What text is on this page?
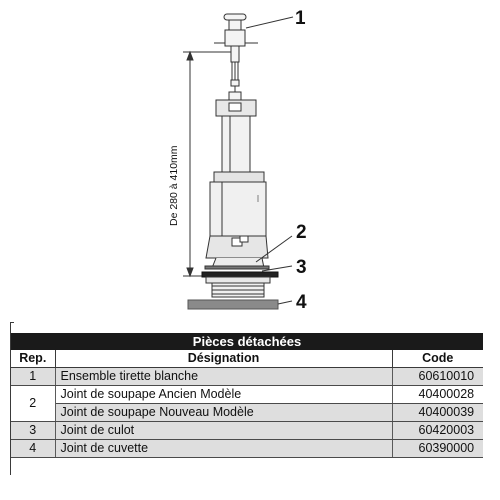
De 280 à 410mm
1
2
3
4
Pièces détachées		
Rep.	Désignation	Code
1	Ensemble tirette blanche	60610010
2	Joint de soupape Ancien Modèle	40400028
	Joint de soupape Nouveau Modèle	40400039
3	Joint de culot	60420003
4	Joint de cuvette	60390000
